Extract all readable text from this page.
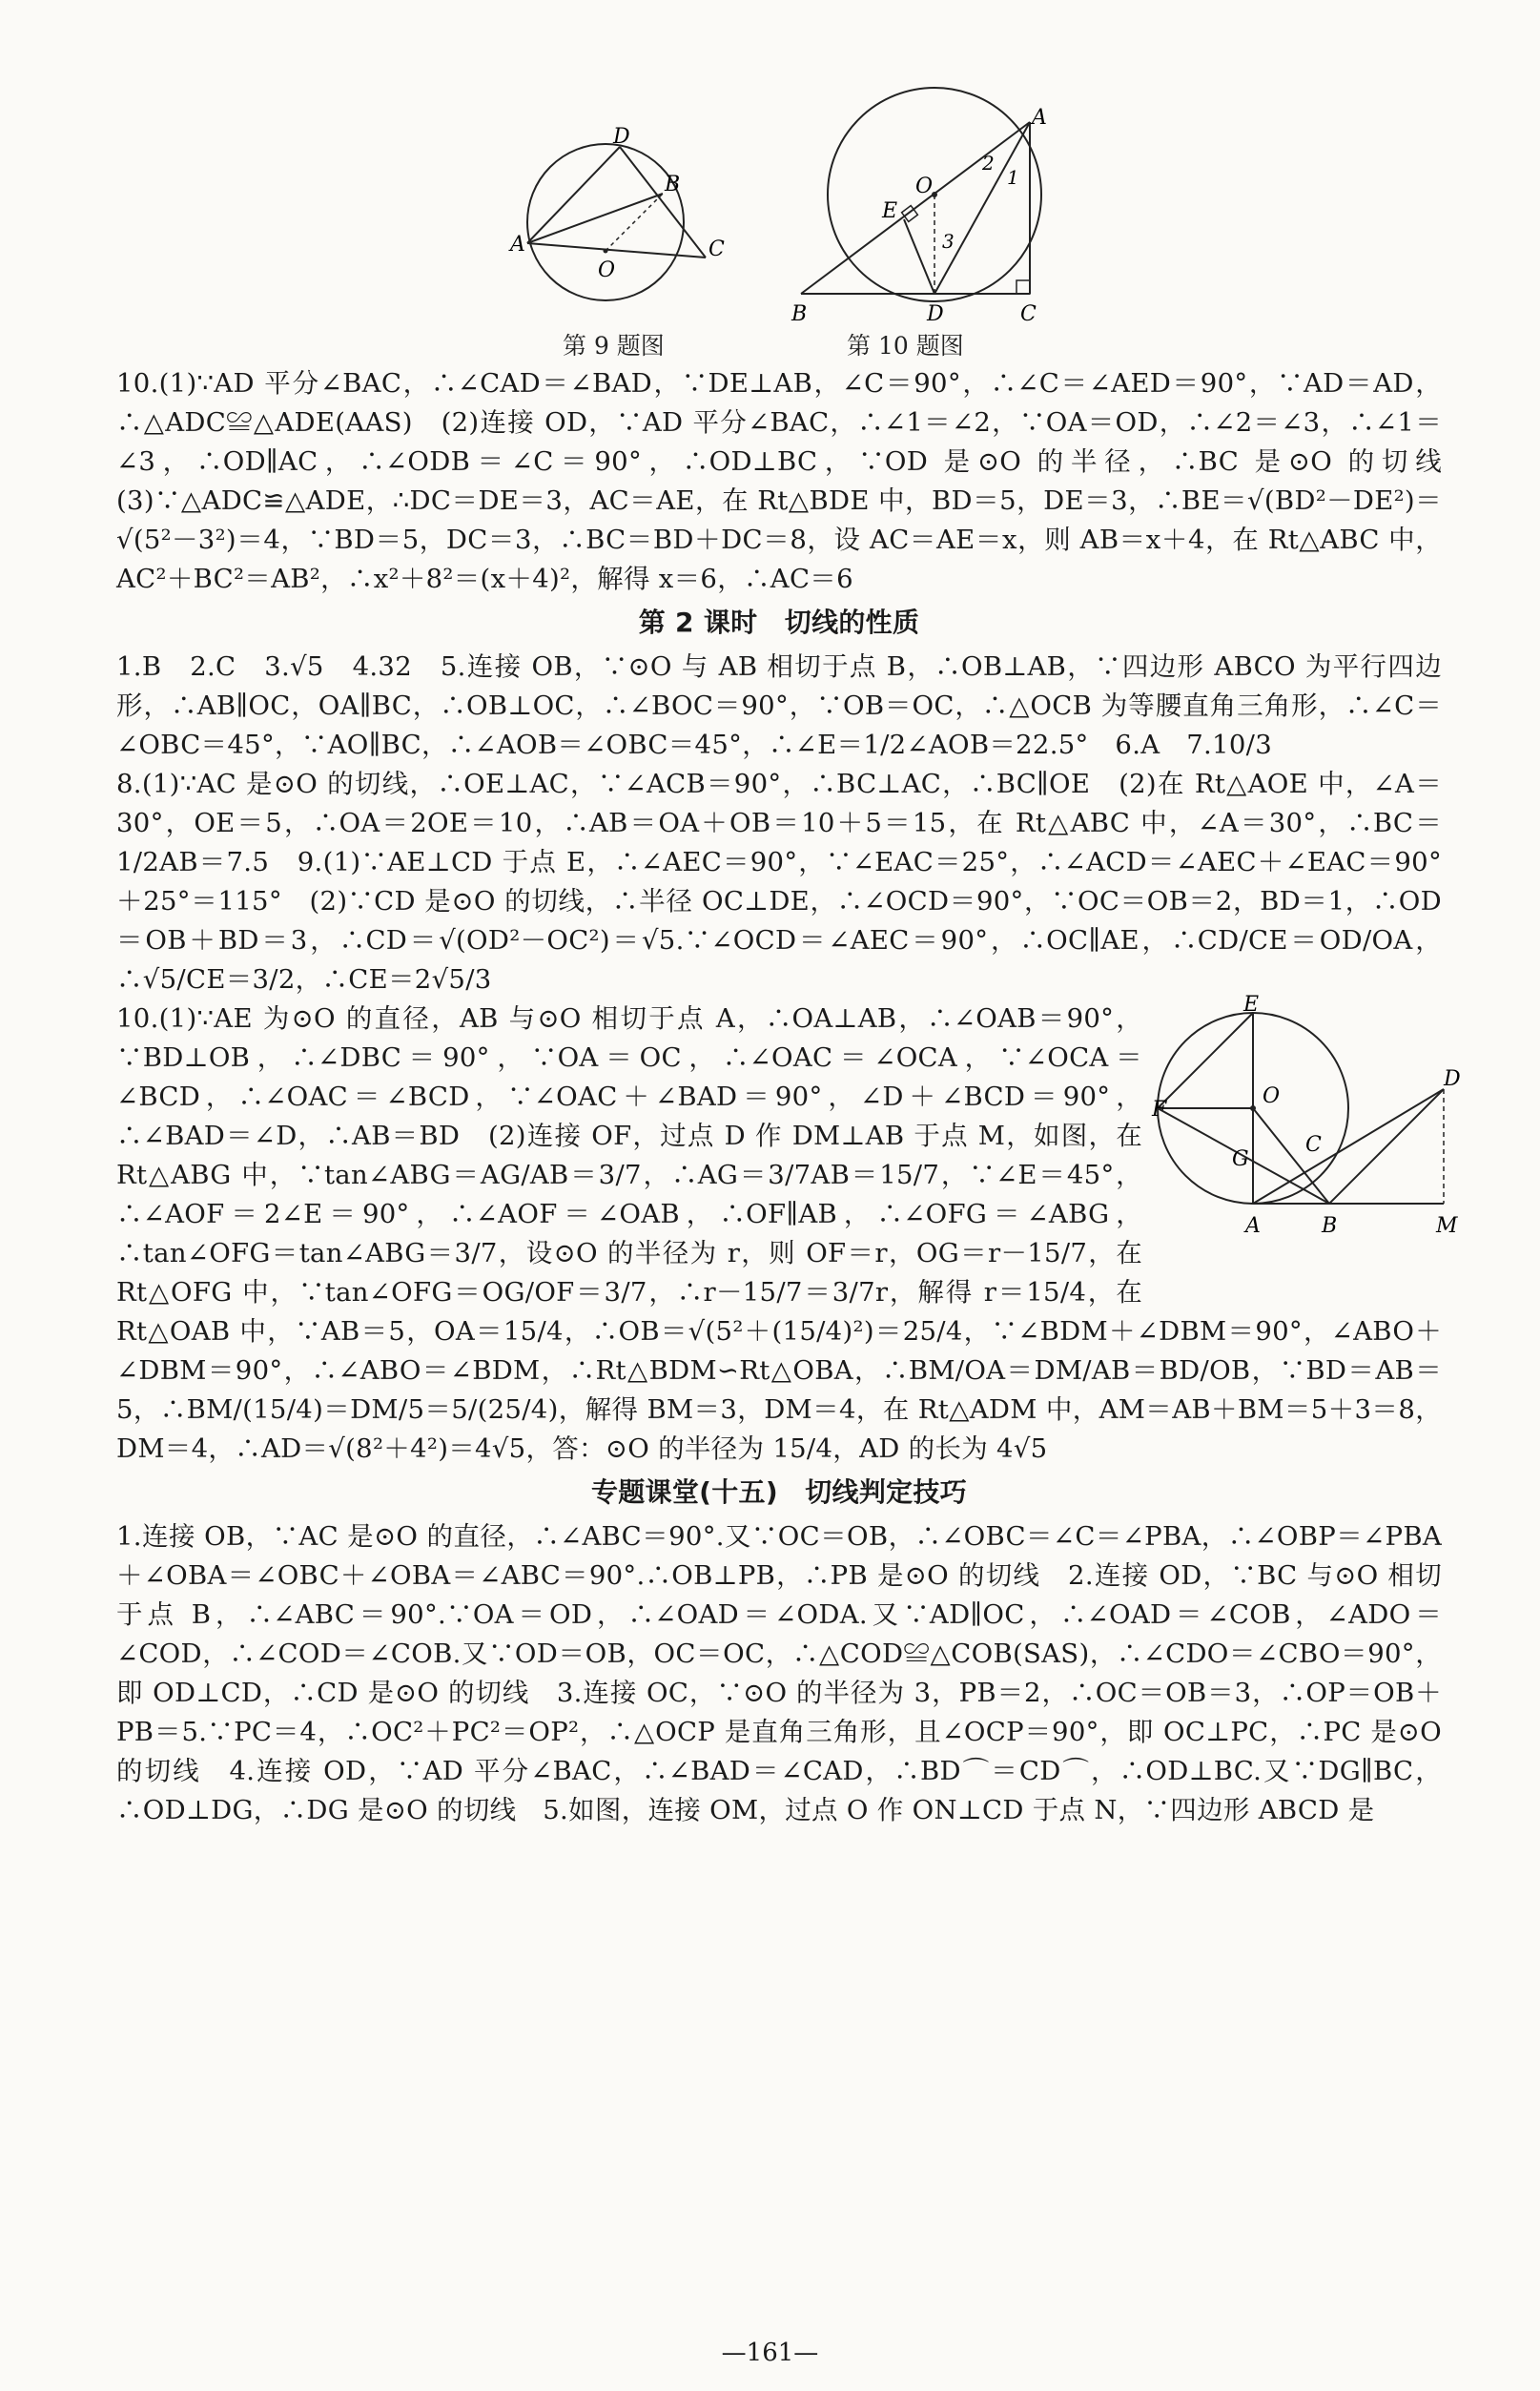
D
B
A	C
O
第 9 题图
A
O
E
2
1
3
B	D	C
第 10 题图

10.(1)∵AD 平分∠BAC，∴∠CAD＝∠BAD，∵DE⊥AB，∠C＝90°，∴∠C＝∠AED＝90°，∵AD＝AD，∴△ADC≌△ADE(AAS)　(2)连接 OD，∵AD 平分∠BAC，∴∠1＝∠2，∵OA＝OD，∴∠2＝∠3，∴∠1＝∠3，∴OD∥AC，∴∠ODB＝∠C＝90°，∴OD⊥BC，∵OD 是⊙O 的半径，∴BC 是⊙O 的切线　(3)∵△ADC≌△ADE，∴DC＝DE＝3，AC＝AE，在 Rt△BDE 中，BD＝5，DE＝3，∴BE＝√(BD²－DE²)＝√(5²－3²)＝4，∵BD＝5，DC＝3，∴BC＝BD＋DC＝8，设 AC＝AE＝x，则 AB＝x＋4，在 Rt△ABC 中，AC²＋BC²＝AB²，∴x²＋8²＝(x＋4)²，解得 x＝6，∴AC＝6

第 2 课时　切线的性质

1.B　2.C　3.√5　4.32　5.连接 OB，∵⊙O 与 AB 相切于点 B，∴OB⊥AB，∵四边形 ABCO 为平行四边形，∴AB∥OC，OA∥BC，∴OB⊥OC，∴∠BOC＝90°，∵OB＝OC，∴△OCB 为等腰直角三角形，∴∠C＝∠OBC＝45°，∵AO∥BC，∴∠AOB＝∠OBC＝45°，∴∠E＝1/2∠AOB＝22.5°　6.A　7.10/3

8.(1)∵AC 是⊙O 的切线，∴OE⊥AC，∵∠ACB＝90°，∴BC⊥AC，∴BC∥OE　(2)在 Rt△AOE 中，∠A＝30°，OE＝5，∴OA＝2OE＝10，∴AB＝OA＋OB＝10＋5＝15，在 Rt△ABC 中，∠A＝30°，∴BC＝1/2AB＝7.5　9.(1)∵AE⊥CD 于点 E，∴∠AEC＝90°，∵∠EAC＝25°，∴∠ACD＝∠AEC＋∠EAC＝90°＋25°＝115°　(2)∵CD 是⊙O 的切线，∴半径 OC⊥DE，∴∠OCD＝90°，∵OC＝OB＝2，BD＝1，∴OD＝OB＋BD＝3，∴CD＝√(OD²－OC²)＝√5.∵∠OCD＝∠AEC＝90°，∴OC∥AE，∴CD/CE＝OD/OA，∴√5/CE＝3/2，∴CE＝2√5/3

E
O
F
D
C
G
A	B	M

10.(1)∵AE 为⊙O 的直径，AB 与⊙O 相切于点 A，∴OA⊥AB，∴∠OAB＝90°，∵BD⊥OB，∴∠DBC＝90°，∵OA＝OC，∴∠OAC＝∠OCA，∵∠OCA＝∠BCD，∴∠OAC＝∠BCD，∵∠OAC＋∠BAD＝90°，∠D＋∠BCD＝90°，∴∠BAD＝∠D，∴AB＝BD　(2)连接 OF，过点 D 作 DM⊥AB 于点 M，如图，在 Rt△ABG 中，∵tan∠ABG＝AG/AB＝3/7，∴AG＝3/7AB＝15/7，∵∠E＝45°，∴∠AOF＝2∠E＝90°，∴∠AOF＝∠OAB，∴OF∥AB，∴∠OFG＝∠ABG，∴tan∠OFG＝tan∠ABG＝3/7，设⊙O 的半径为 r，则 OF＝r，OG＝r－15/7，在 Rt△OFG 中，∵tan∠OFG＝OG/OF＝3/7，∴r－15/7＝3/7r，解得 r＝15/4，在 Rt△OAB 中，∵AB＝5，OA＝15/4，∴OB＝√(5²＋(15/4)²)＝25/4，∵∠BDM＋∠DBM＝90°，∠ABO＋∠DBM＝90°，∴∠ABO＝∠BDM，∴Rt△BDM∽Rt△OBA，∴BM/OA＝DM/AB＝BD/OB，∵BD＝AB＝5，∴BM/(15/4)＝DM/5＝5/(25/4)，解得 BM＝3，DM＝4，在 Rt△ADM 中，AM＝AB＋BM＝5＋3＝8，DM＝4，∴AD＝√(8²＋4²)＝4√5，答：⊙O 的半径为 15/4，AD 的长为 4√5

专题课堂(十五)　切线判定技巧

1.连接 OB，∵AC 是⊙O 的直径，∴∠ABC＝90°.又∵OC＝OB，∴∠OBC＝∠C＝∠PBA，∴∠OBP＝∠PBA＋∠OBA＝∠OBC＋∠OBA＝∠ABC＝90°.∴OB⊥PB，∴PB 是⊙O 的切线　2.连接 OD，∵BC 与⊙O 相切于点 B，∴∠ABC＝90°.∵OA＝OD，∴∠OAD＝∠ODA.又∵AD∥OC，∴∠OAD＝∠COB，∠ADO＝∠COD，∴∠COD＝∠COB.又∵OD＝OB，OC＝OC，∴△COD≌△COB(SAS)，∴∠CDO＝∠CBO＝90°，即 OD⊥CD，∴CD 是⊙O 的切线　3.连接 OC，∵⊙O 的半径为 3，PB＝2，∴OC＝OB＝3，∴OP＝OB＋PB＝5.∵PC＝4，∴OC²＋PC²＝OP²，∴△OCP 是直角三角形，且∠OCP＝90°，即 OC⊥PC，∴PC 是⊙O 的切线　4.连接 OD，∵AD 平分∠BAC，∴∠BAD＝∠CAD，∴BD⌒＝CD⌒，∴OD⊥BC.又∵DG∥BC，∴OD⊥DG，∴DG 是⊙O 的切线　5.如图，连接 OM，过点 O 作 ON⊥CD 于点 N，∵四边形 ABCD 是

—161—
